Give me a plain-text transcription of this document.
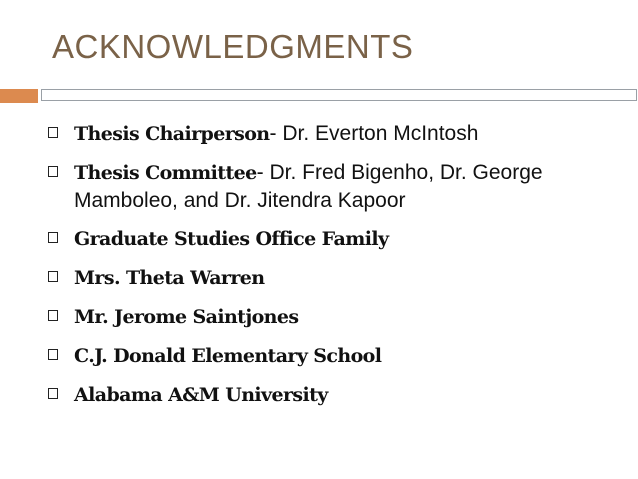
ACKNOWLEDGMENTS
Thesis Chairperson- Dr. Everton McIntosh
Thesis Committee- Dr. Fred Bigenho, Dr. George Mamboleo, and Dr. Jitendra Kapoor
Graduate Studies Office Family
Mrs. Theta Warren
Mr. Jerome Saintjones
C.J. Donald Elementary School
Alabama A&M University
